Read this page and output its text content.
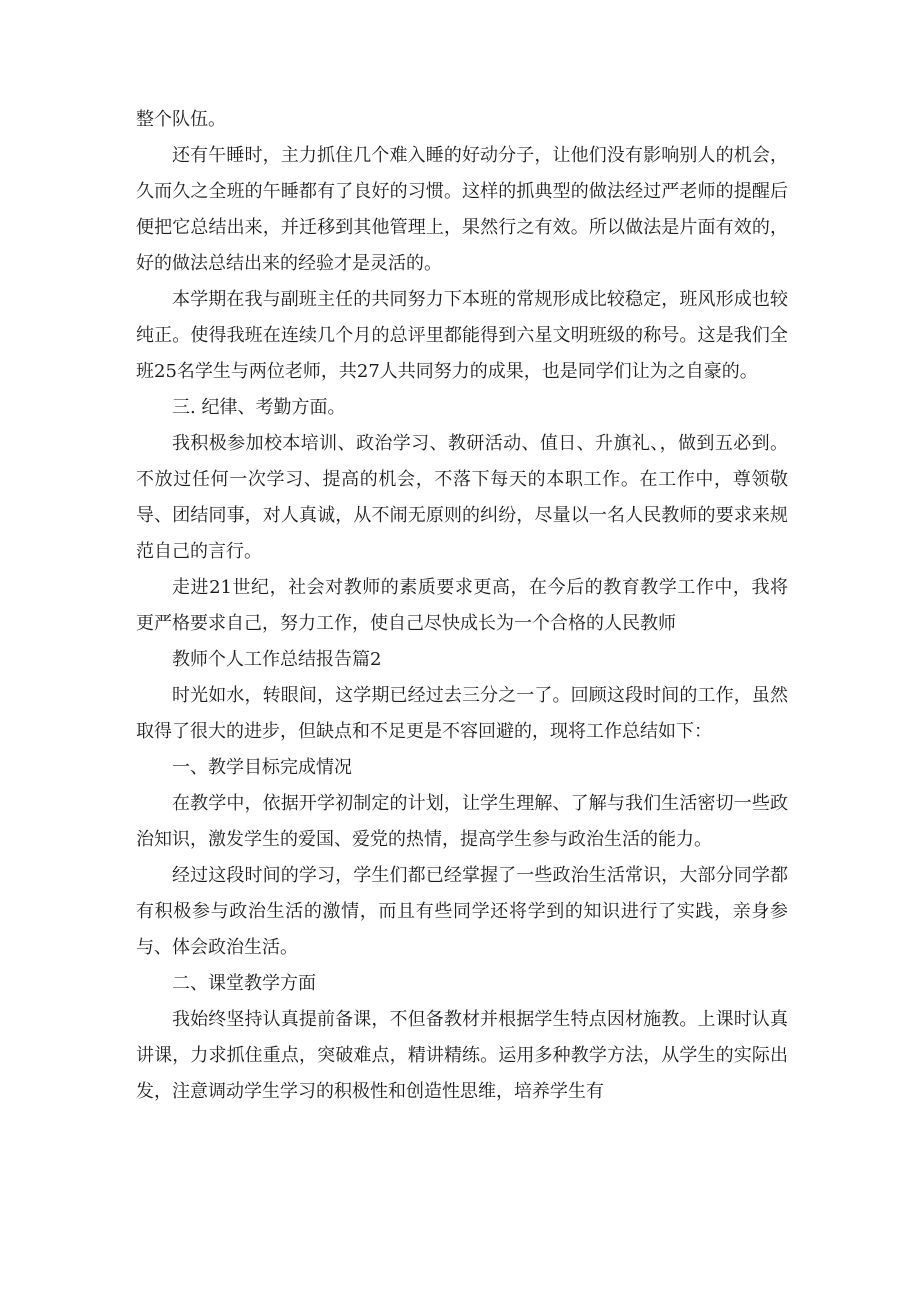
整个队伍。

还有午睡时，主力抓住几个难入睡的好动分子，让他们没有影响别人的机会，久而久之全班的午睡都有了良好的习惯。这样的抓典型的做法经过严老师的提醒后便把它总结出来，并迁移到其他管理上，果然行之有效。所以做法是片面有效的，好的做法总结出来的经验才是灵活的。

本学期在我与副班主任的共同努力下本班的常规形成比较稳定，班风形成也较纯正。使得我班在连续几个月的总评里都能得到六星文明班级的称号。这是我们全班25名学生与两位老师，共27人共同努力的成果，也是同学们让为之自豪的。

三. 纪律、考勤方面。

我积极参加校本培训、政治学习、教研活动、值日、升旗礼、，做到五必到。不放过任何一次学习、提高的机会，不落下每天的本职工作。在工作中，尊领敬导、团结同事，对人真诚，从不闹无原则的纠纷，尽量以一名人民教师的要求来规范自己的言行。

走进21世纪，社会对教师的素质要求更高，在今后的教育教学工作中，我将更严格要求自己，努力工作，使自己尽快成长为一个合格的人民教师

教师个人工作总结报告篇2

时光如水，转眼间，这学期已经过去三分之一了。回顾这段时间的工作，虽然取得了很大的进步，但缺点和不足更是不容回避的，现将工作总结如下：

一、教学目标完成情况

在教学中，依据开学初制定的计划，让学生理解、了解与我们生活密切一些政治知识，激发学生的爱国、爱党的热情，提高学生参与政治生活的能力。

经过这段时间的学习，学生们都已经掌握了一些政治生活常识，大部分同学都有积极参与政治生活的激情，而且有些同学还将学到的知识进行了实践，亲身参与、体会政治生活。

二、课堂教学方面

我始终坚持认真提前备课，不但备教材并根据学生特点因材施教。上课时认真讲课，力求抓住重点，突破难点，精讲精练。运用多种教学方法，从学生的实际出发，注意调动学生学习的积极性和创造性思维，培养学生有
